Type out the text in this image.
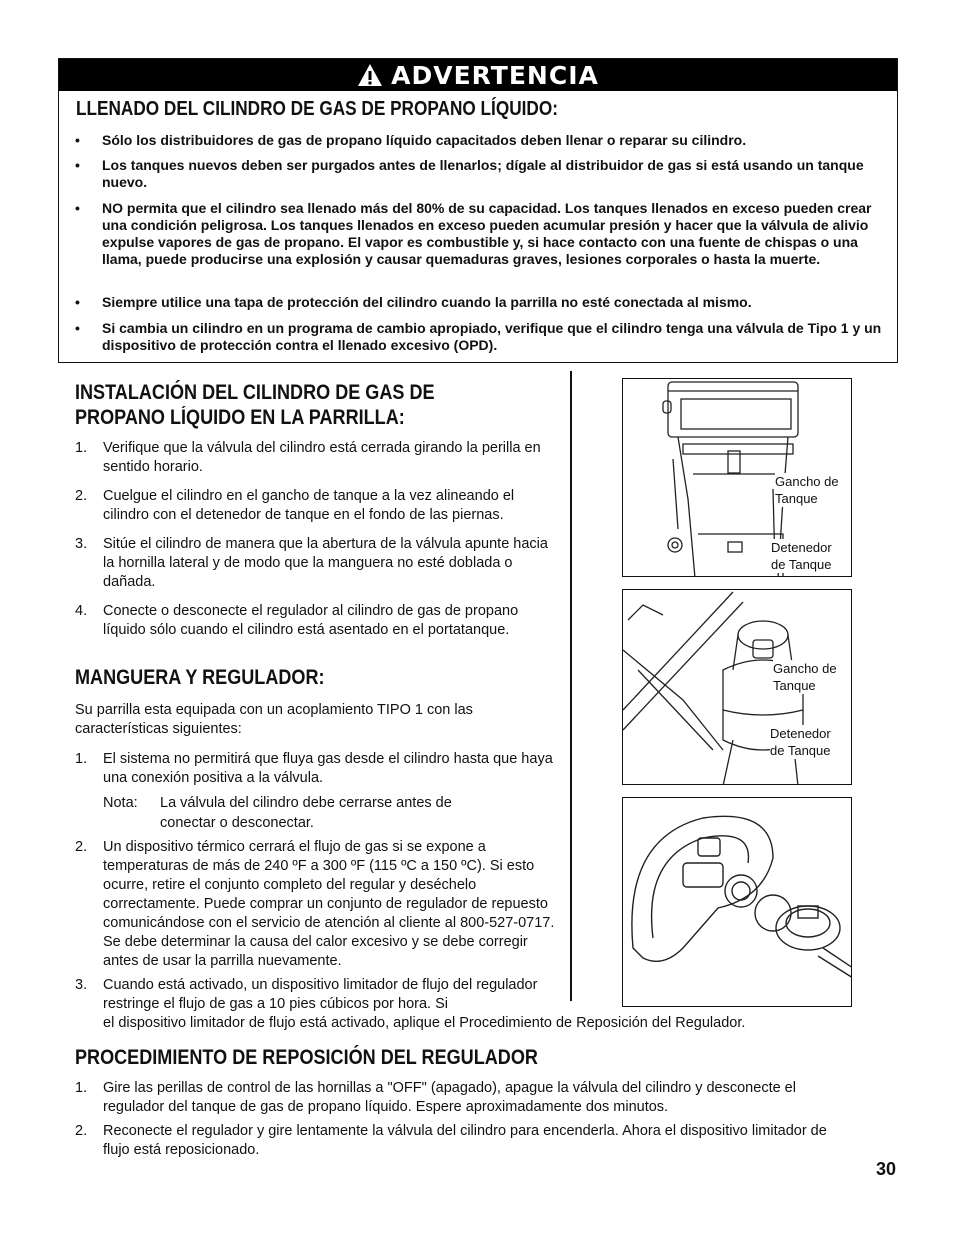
ADVERTENCIA
LLENADO DEL CILINDRO DE GAS DE PROPANO LÍQUIDO:
• Sólo los distribuidores de gas de propano líquido capacitados deben llenar o reparar su cilindro.
• Los tanques nuevos deben ser purgados antes de llenarlos; dígale al distribuidor de gas si está usando un tanque nuevo.
• NO permita que el cilindro sea llenado más del 80% de su capacidad. Los tanques llenados en exceso pueden crear una condición peligrosa. Los tanques llenados en exceso pueden acumular presión y hacer que la válvula de alivio expulse vapores de gas de propano. El vapor es combustible y, si hace contacto con una fuente de chispas o una llama, puede producirse una explosión y causar quemaduras graves, lesiones corporales o hasta la muerte.
• Siempre utilice una tapa de protección del cilindro cuando la parrilla no esté conectada al mismo.
• Si cambia un cilindro en un programa de cambio apropiado, verifique que el cilindro tenga una válvula de Tipo 1 y un dispositivo de protección contra el llenado excesivo (OPD).
INSTALACIÓN DEL CILINDRO DE GAS DE
PROPANO LÍQUIDO EN LA PARRILLA:
1. Verifique que la válvula del cilindro está cerrada girando la perilla en sentido horario.
2. Cuelgue el cilindro en el gancho de tanque a la vez alineando el cilindro con el detenedor de tanque en el fondo de las piernas.
3. Sitúe el cilindro de manera que la abertura de la válvula apunte hacia la hornilla lateral y de modo que la manguera no esté doblada o dañada.
4. Conecte o desconecte el regulador al cilindro de gas de propano líquido sólo cuando el cilindro está asentado en el portatanque.
MANGUERA Y REGULADOR:
Su parrilla esta equipada con un acoplamiento TIPO 1 con las características siguientes:
1. El sistema no permitirá que fluya gas desde el cilindro hasta que haya una conexión positiva a la válvula.
Nota: La válvula del cilindro debe cerrarse antes de conectar o desconectar.
2. Un dispositivo térmico cerrará el flujo de gas si se expone a temperaturas de más de 240 ºF a 300 ºF (115 ºC a 150 ºC). Si esto ocurre, retire el conjunto completo del regular y deséchelo correctamente. Puede comprar un conjunto de regulador de repuesto comunicándose con el servicio de atención al cliente al 800-527-0717. Se debe determinar la causa del calor excesivo y se debe corregir antes de usar la parrilla nuevamente.
3. Cuando está activado, un dispositivo limitador de flujo del regulador restringe el flujo de gas a 10 pies cúbicos por hora. Si
el dispositivo limitador de flujo está activado, aplique el Procedimiento de Reposición del Regulador.
Gancho de
Tanque
Detenedor
de Tanque
Gancho de
Tanque
Detenedor
de Tanque
PROCEDIMIENTO DE REPOSICIÓN DEL REGULADOR
1. Gire las perillas de control de las hornillas a "OFF" (apagado), apague la válvula del cilindro y desconecte el regulador del tanque de gas de propano líquido. Espere aproximadamente dos minutos.
2. Reconecte el regulador y gire lentamente la válvula del cilindro para encenderla. Ahora el dispositivo limitador de flujo está reposicionado.
30
